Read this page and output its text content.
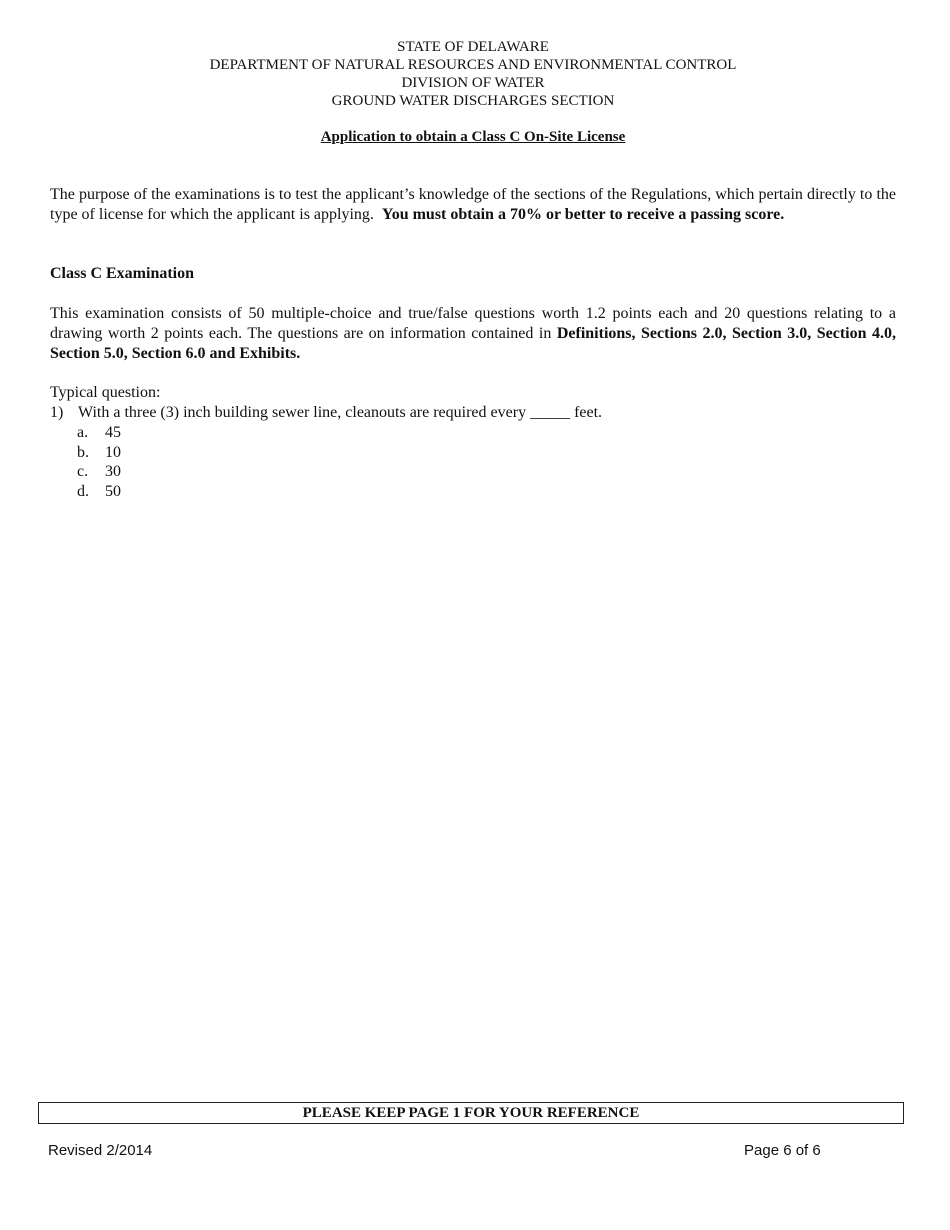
STATE OF DELAWARE
DEPARTMENT OF NATURAL RESOURCES AND ENVIRONMENTAL CONTROL
DIVISION OF WATER
GROUND WATER DISCHARGES SECTION
Application to obtain a Class C On-Site License
The purpose of the examinations is to test the applicant’s knowledge of the sections of the Regulations, which pertain directly to the type of license for which the applicant is applying. You must obtain a 70% or better to receive a passing score.
Class C Examination
This examination consists of 50 multiple-choice and true/false questions worth 1.2 points each and 20 questions relating to a drawing worth 2 points each. The questions are on information contained in Definitions, Sections 2.0, Section 3.0, Section 4.0, Section 5.0, Section 6.0 and Exhibits.
Typical question:
1) With a three (3) inch building sewer line, cleanouts are required every _____ feet.
a. 45
b. 10
c. 30
d. 50
PLEASE KEEP PAGE 1 FOR YOUR REFERENCE
Revised 2/2014	Page 6 of 6
